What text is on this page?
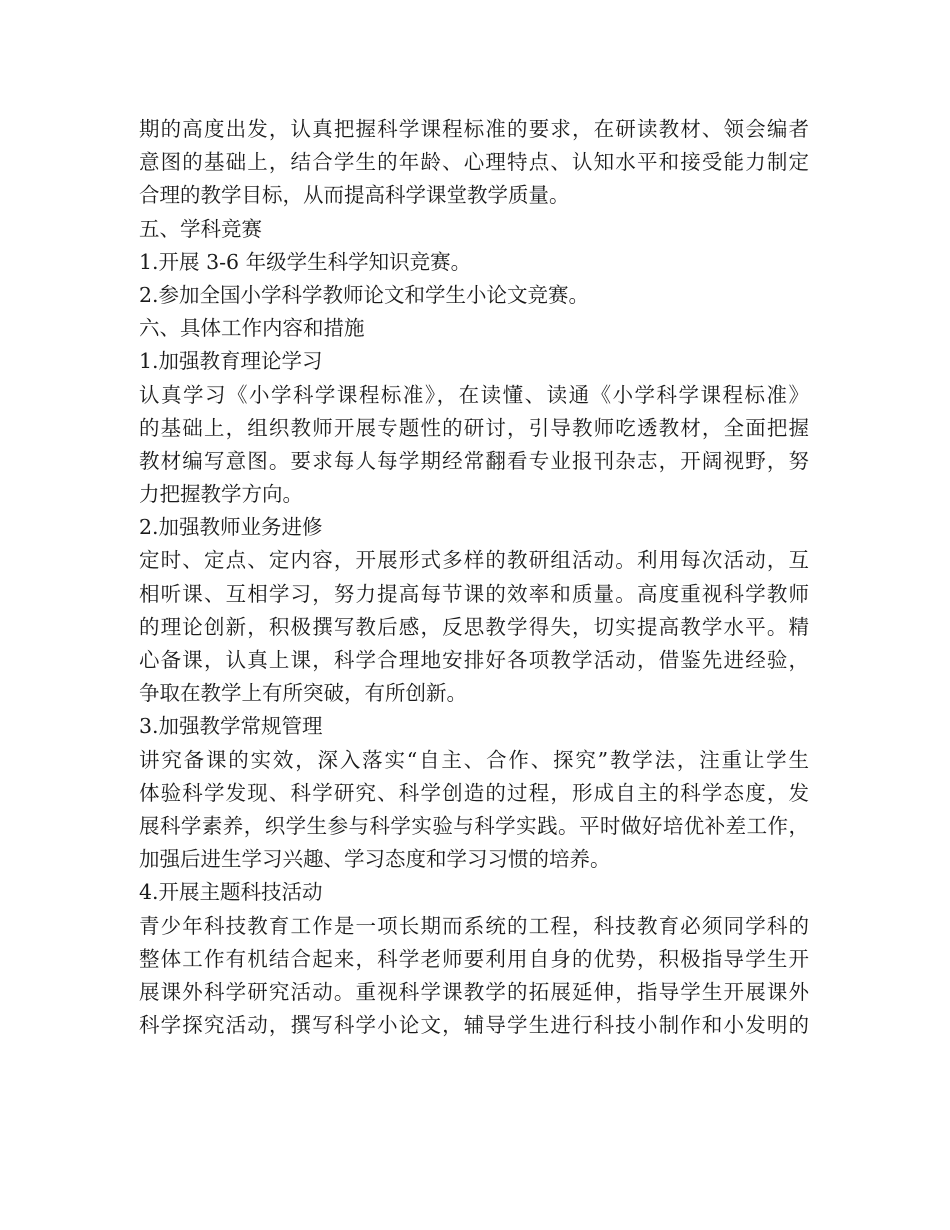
期的高度出发，认真把握科学课程标准的要求，在研读教材、领会编者
意图的基础上，结合学生的年龄、心理特点、认知水平和接受能力制定
合理的教学目标，从而提高科学课堂教学质量。
五、学科竞赛
1.开展 3-6 年级学生科学知识竞赛。
2.参加全国小学科学教师论文和学生小论文竞赛。
六、具体工作内容和措施
1.加强教育理论学习
认真学习《小学科学课程标准》，在读懂、读通《小学科学课程标准》
的基础上，组织教师开展专题性的研讨，引导教师吃透教材，全面把握
教材编写意图。要求每人每学期经常翻看专业报刊杂志，开阔视野，努
力把握教学方向。
2.加强教师业务进修
定时、定点、定内容，开展形式多样的教研组活动。利用每次活动，互
相听课、互相学习，努力提高每节课的效率和质量。高度重视科学教师
的理论创新，积极撰写教后感，反思教学得失，切实提高教学水平。精
心备课，认真上课，科学合理地安排好各项教学活动，借鉴先进经验，
争取在教学上有所突破，有所创新。
3.加强教学常规管理
讲究备课的实效，深入落实“自主、合作、探究”教学法，注重让学生
体验科学发现、科学研究、科学创造的过程，形成自主的科学态度，发
展科学素养，织学生参与科学实验与科学实践。平时做好培优补差工作，
加强后进生学习兴趣、学习态度和学习习惯的培养。
4.开展主题科技活动
青少年科技教育工作是一项长期而系统的工程，科技教育必须同学科的
整体工作有机结合起来，科学老师要利用自身的优势，积极指导学生开
展课外科学研究活动。重视科学课教学的拓展延伸，指导学生开展课外
科学探究活动，撰写科学小论文，辅导学生进行科技小制作和小发明的
